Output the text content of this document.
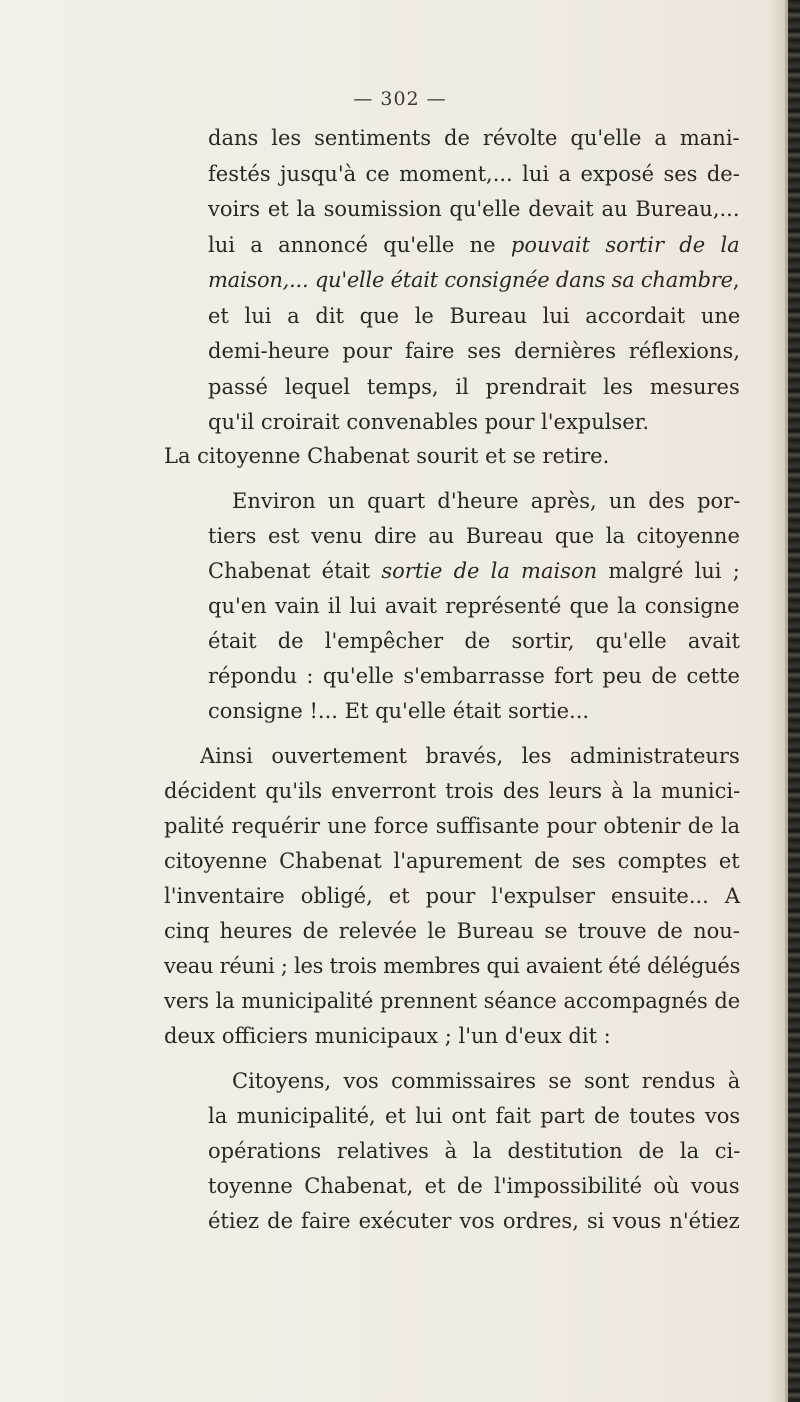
— 302 —
dans les sentiments de révolte qu'elle a mani-
festés jusqu'à ce moment,... lui a exposé ses de-
voirs et la soumission qu'elle devait au Bureau,...
lui a annoncé qu'elle ne pouvait sortir de la
maison,... qu'elle était consignée dans sa chambre,
et lui a dit que le Bureau lui accordait une
demi-heure pour faire ses dernières réflexions,
passé lequel temps, il prendrait les mesures
qu'il croirait convenables pour l'expulser.
La citoyenne Chabenat sourit et se retire.
Environ un quart d'heure après, un des por-
tiers est venu dire au Bureau que la citoyenne
Chabenat était sortie de la maison malgré lui ;
qu'en vain il lui avait représenté que la consigne
était de l'empêcher de sortir, qu'elle avait
répondu : qu'elle s'embarrasse fort peu de cette
consigne !... Et qu'elle était sortie...
Ainsi ouvertement bravés, les administrateurs
décident qu'ils enverront trois des leurs à la munici-
palité requérir une force suffisante pour obtenir de la
citoyenne Chabenat l'apurement de ses comptes et
l'inventaire obligé, et pour l'expulser ensuite... A
cinq heures de relevée le Bureau se trouve de nou-
veau réuni ; les trois membres qui avaient été délégués
vers la municipalité prennent séance accompagnés de
deux officiers municipaux ; l'un d'eux dit :
Citoyens, vos commissaires se sont rendus à
la municipalité, et lui ont fait part de toutes vos
opérations relatives à la destitution de la ci-
toyenne Chabenat, et de l'impossibilité où vous
étiez de faire exécuter vos ordres, si vous n'étiez
